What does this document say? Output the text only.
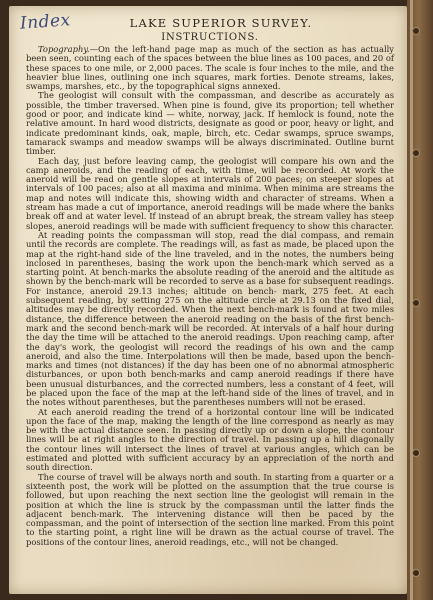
Index	LAKE SUPERIOR SURVEY.
INSTRUCTIONS.

Topography.—On the left-hand page map as much of the section as has actually been seen, counting each of the spaces between the blue lines as 100 paces, and 20 of these spaces to one mile, or 2,000 paces. The scale is four inches to the mile, and the heavier blue lines, outlining one inch squares, mark forties. Denote streams, lakes, swamps, marshes, etc., by the topographical signs annexed.

The geologist will consult with the compassman, and describe as accurately as possible, the timber traversed. When pine is found, give its proportion; tell whether good or poor, and indicate kind — white, norway, jack. If hemlock is found, note the relative amount. In hard wood districts, designate as good or poor, heavy or light, and indicate predominant kinds, oak, maple, birch, etc. Cedar swamps, spruce swamps, tamarack swamps and meadow swamps will be always discriminated. Outline burnt timber.

Each day, just before leaving camp, the geologist will compare his own and the camp aneroids, and the reading of each, with time, will be recorded. At work the aneroid will be read on gentle slopes at intervals of 200 paces; on steeper slopes at intervals of 100 paces; also at all maxima and minima. When minima are streams the map and notes will indicate this, showing width and character of streams. When a stream has made a cut of importance, aneroid readings will be made where the banks break off and at water level. If instead of an abrupt break, the stream valley has steep slopes, aneroid readings will be made with sufficient frequency to show this character.

At reading points the compassman will stop, read the dial compass, and remain until the records are complete. The readings will, as fast as made, be placed upon the map at the right-hand side of the line traveled, and in the notes, the numbers being inclosed in parentheses, basing the work upon the bench-mark which served as a starting point. At bench-marks the absolute reading of the aneroid and the altitude as shown by the bench-mark will be recorded to serve as a base for subsequent readings. For instance, aneroid 29.13 inches; altitude on bench- mark, 275 feet. At each subsequent reading, by setting 275 on the altitude circle at 29.13 on the fixed dial, altitudes may be directly recorded. When the next bench-mark is found at two miles distance, the difference between the aneroid reading on the basis of the first bench-mark and the second bench-mark will be recorded. At intervals of a half hour during the day the time will be attached to the aneroid readings. Upon reaching camp, after the day's work, the geologist will record the readings of his own and the camp aneroid, and also the time. Interpolations will then be made, based upon the bench-marks and times (not distances) if the day has been one of no abnormal atmospheric disturbances, or upon both bench-marks and camp aneroid readings if there have been unusual disturbances, and the corrected numbers, less a constant of 4 feet, will be placed upon the face of the map at the left-hand side of the lines of travel, and in the notes without parentheses, but the parentheses numbers will not be erased.

At each aneroid reading the trend of a horizontal contour line will be indicated upon the face of the map, making the length of the line correspond as nearly as may be with the actual distance seen. In passing directly up or down a slope, the contour lines will be at right angles to the direction of travel. In passing up a hill diagonally the contour lines will intersect the lines of travel at various angles, which can be estimated and plotted with sufficient accuracy by an appreciation of the north and south direction.

The course of travel will be always north and south. In starting from a quarter or a sixteenth post, the work will be plotted on the assumption that the true course is followed, but upon reaching the next section line the geologist will remain in the position at which the line is struck by the compassman until the latter finds the adjacent bench-mark. The intervening distance will then be paced by the compassman, and the point of intersection of the section line marked. From this point to the starting point, a right line will be drawn as the actual course of travel. The positions of the contour lines, aneroid readings, etc., will not be changed.
